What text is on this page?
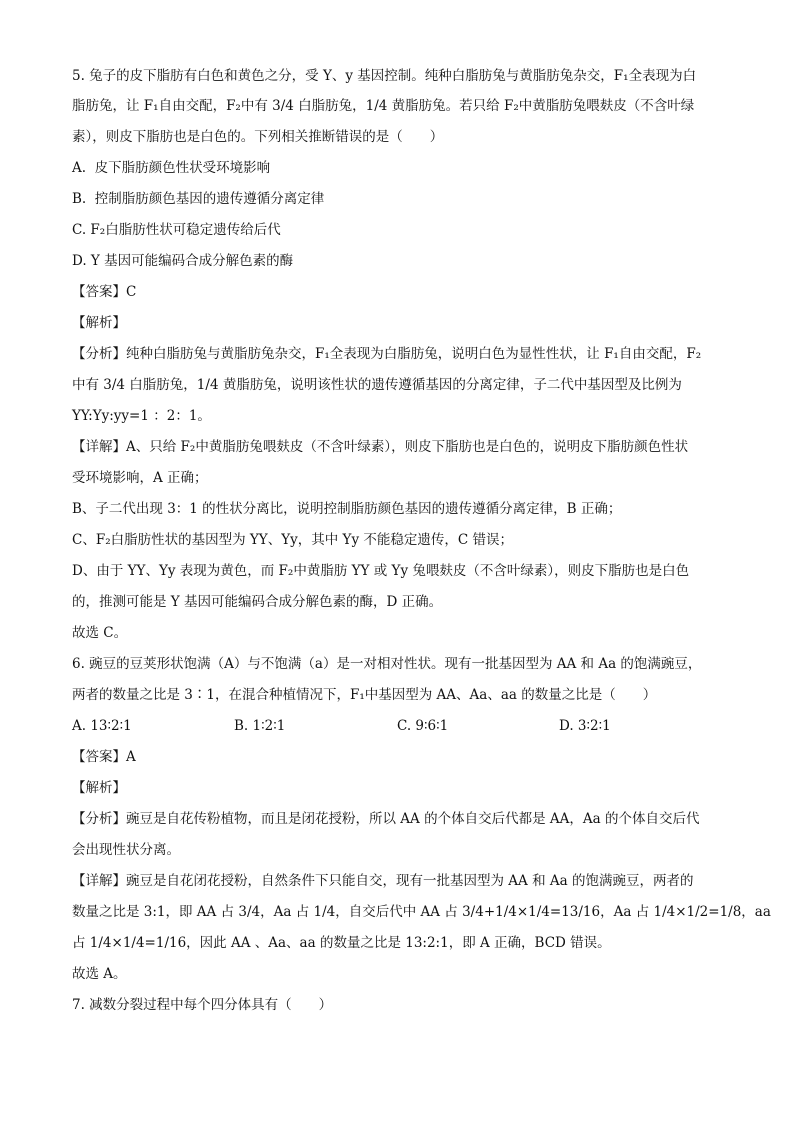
5. 兔子的皮下脂肪有白色和黄色之分，受 Y、y 基因控制。纯种白脂肪兔与黄脂肪兔杂交，F₁全表现为白
脂肪兔，让 F₁自由交配，F₂中有 3/4 白脂肪兔，1/4 黄脂肪兔。若只给 F₂中黄脂肪兔喂麸皮（不含叶绿
素），则皮下脂肪也是白色的。下列相关推断错误的是（　　）
A.  皮下脂肪颜色性状受环境影响
B.  控制脂肪颜色基因的遗传遵循分离定律
C. F₂白脂肪性状可稳定遗传给后代
D. Y 基因可能编码合成分解色素的酶
【答案】C
【解析】
【分析】纯种白脂肪兔与黄脂肪兔杂交，F₁全表现为白脂肪兔，说明白色为显性性状，让 F₁自由交配，F₂
中有 3/4 白脂肪兔，1/4 黄脂肪兔，说明该性状的遗传遵循基因的分离定律，子二代中基因型及比例为
YY:Yy:yy=1 ：2：1。
【详解】A、只给 F₂中黄脂肪兔喂麸皮（不含叶绿素），则皮下脂肪也是白色的，说明皮下脂肪颜色性状
受环境影响，A 正确；
B、子二代出现 3：1 的性状分离比，说明控制脂肪颜色基因的遗传遵循分离定律，B 正确；
C、F₂白脂肪性状的基因型为 YY、Yy，其中 Yy 不能稳定遗传，C 错误；
D、由于 YY、Yy 表现为黄色，而 F₂中黄脂肪 YY 或 Yy 兔喂麸皮（不含叶绿素），则皮下脂肪也是白色
的，推测可能是 Y 基因可能编码合成分解色素的酶，D 正确。
故选 C。
6. 豌豆的豆荚形状饱满（A）与不饱满（a）是一对相对性状。现有一批基因型为 AA 和 Aa 的饱满豌豆，
两者的数量之比是 3∶1，在混合种植情况下，F₁中基因型为 AA、Aa、aa 的数量之比是（　　）
A. 13∶2∶1	B. 1∶2∶1	C. 9∶6∶1	D. 3∶2∶1
【答案】A
【解析】
【分析】豌豆是自花传粉植物，而且是闭花授粉，所以 AA 的个体自交后代都是 AA，Aa 的个体自交后代
会出现性状分离。
【详解】豌豆是自花闭花授粉，自然条件下只能自交，现有一批基因型为 AA 和 Aa 的饱满豌豆，两者的
数量之比是 3:1，即 AA 占 3/4，Aa 占 1/4，自交后代中 AA 占 3/4+1/4×1/4=13/16，Aa 占 1/4×1/2=1/8，aa
占 1/4×1/4=1/16，因此 AA 、Aa、aa 的数量之比是 13:2:1，即 A 正确，BCD 错误。
故选 A。
7. 减数分裂过程中每个四分体具有（　　）
